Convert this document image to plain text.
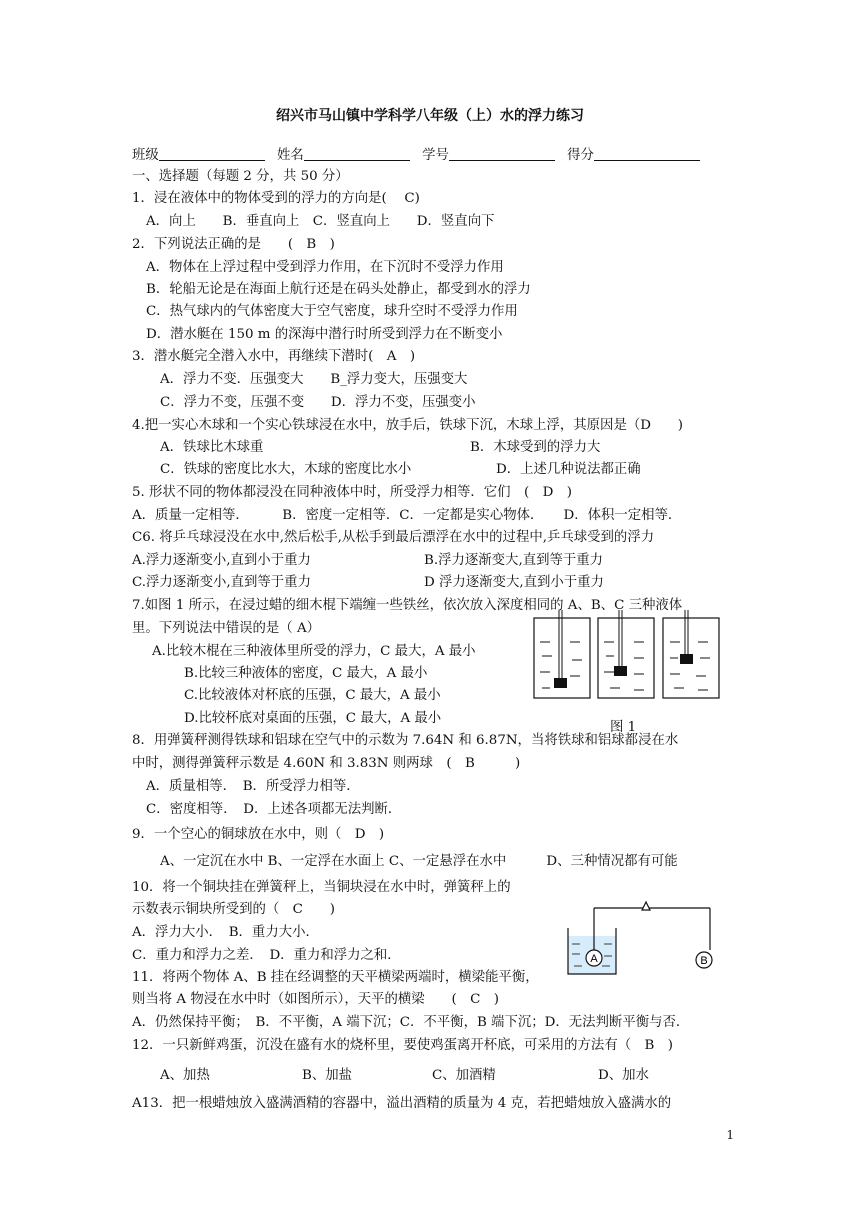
绍兴市马山镇中学科学八年级（上）水的浮力练习
班级	姓名	学号	得分
一、选择题（每题 2 分，共 50 分）
1．浸在液体中的物体受到的浮力的方向是(　 C)
A．向上　　B．垂直向上　C．竖直向上　　D．竖直向下
2．下列说法正确的是　　(　B　)
A．物体在上浮过程中受到浮力作用，在下沉时不受浮力作用
B．轮船无论是在海面上航行还是在码头处静止，都受到水的浮力
C．热气球内的气体密度大于空气密度，球升空时不受浮力作用
D．潜水艇在 150 m 的深海中潜行时所受到浮力在不断变小
3．潜水艇完全潜入水中，再继续下潜时(　A　)
A．浮力不变．压强变大　　B_浮力变大，压强变大
C．浮力不变，压强不变　　D．浮力不变，压强变小
4.把一实心木球和一个实心铁球浸在水中，放手后，铁球下沉，木球上浮，其原因是（D　　)
A．铁球比木球重	B．木球受到的浮力大
C．铁球的密度比水大，木球的密度比水小	D．上述几种说法都正确
5. 形状不同的物体都浸没在同种液体中时，所受浮力相等．它们　(　D　)
A．质量一定相等．　　　B．密度一定相等．C．一定都是实心物体．　　D．体积一定相等．
C6. 将乒乓球浸没在水中,然后松手,从松手到最后漂浮在水中的过程中,乒乓球受到的浮力
A.浮力逐渐变小,直到小于重力	B.浮力逐渐变大,直到等于重力
C.浮力逐渐变小,直到等于重力	D 浮力逐渐变大,直到小于重力
7.如图 1 所示，在浸过蜡的细木棍下端缠一些铁丝，依次放入深度相同的 A、B、C 三种液体
里。下列说法中错误的是（ A）
A.比较木棍在三种液体里所受的浮力，C 最大，A 最小
B.比较三种液体的密度，C 最大，A 最小
C.比较液体对杯底的压强，C 最大，A 最小
D.比较杯底对桌面的压强，C 最大，A 最小
图 1
8．用弹簧秤测得铁球和铝球在空气中的示数为 7.64N 和 6.87N，当将铁球和铝球都浸在水
中时，测得弹簧秤示数是 4.60N 和 3.83N 则两球　(　B　　　)
A．质量相等．　B．所受浮力相等．
C．密度相等．　D．上述各项都无法判断．
9．一个空心的铜球放在水中，则（　D　)
A、一定沉在水中 B、一定浮在水面上 C、一定悬浮在水中　　　D、三种情况都有可能
10．将一个铜块挂在弹簧秤上，当铜块浸在水中时，弹簧秤上的
示数表示铜块所受到的（　C　　)
A．浮力大小．　B．重力大小．
C．重力和浮力之差．　D．重力和浮力之和．	A	B
11．将两个物体 A、B 挂在经调整的天平横梁两端时，横梁能平衡，
则当将 A 物浸在水中时（如图所示），天平的横梁　　(　C　)
A．仍然保持平衡；　B．不平衡，A 端下沉；C．不平衡，B 端下沉；D．无法判断平衡与否．
12．一只新鲜鸡蛋，沉没在盛有水的烧杯里，要使鸡蛋离开杯底，可采用的方法有（　B　)
A、加热	B、加盐	C、加酒精	D、加水
A13．把一根蜡烛放入盛满酒精的容器中，溢出酒精的质量为 4 克，若把蜡烛放入盛满水的
1
